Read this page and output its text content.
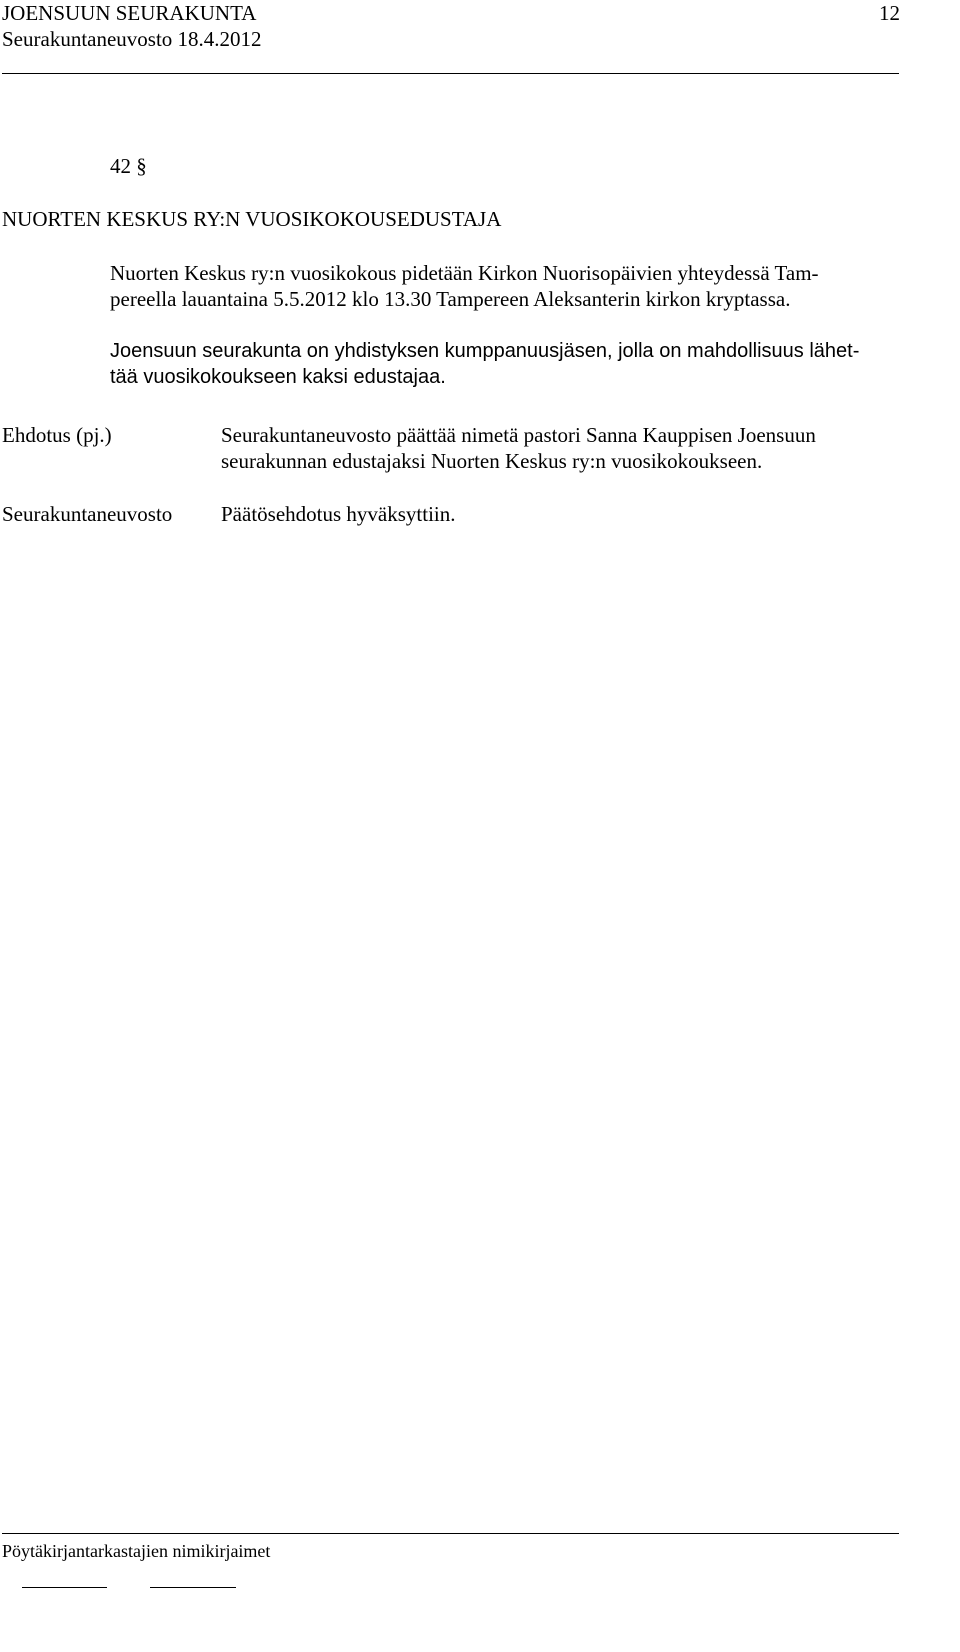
JOENSUUN SEURAKUNTA
Seurakuntaneuvosto 18.4.2012
12
42 §
NUORTEN KESKUS RY:N VUOSIKOKOUSEDUSTAJA
Nuorten Keskus ry:n vuosikokous pidetään Kirkon Nuorisopäivien yhteydessä Tam-
pereella lauantaina 5.5.2012 klo 13.30 Tampereen Aleksanterin kirkon kryptassa.
Joensuun seurakunta on yhdistyksen kumppanuusjäsen, jolla on mahdollisuus lähet-
tää vuosikokoukseen kaksi edustajaa.
Ehdotus (pj.)	Seurakuntaneuvosto päättää nimetä pastori Sanna Kauppisen Joensuun
seurakunnan edustajaksi Nuorten Keskus ry:n vuosikokoukseen.
Seurakuntaneuvosto Päätösehdotus hyväksyttiin.
Pöytäkirjantarkastajien nimikirjaimet
